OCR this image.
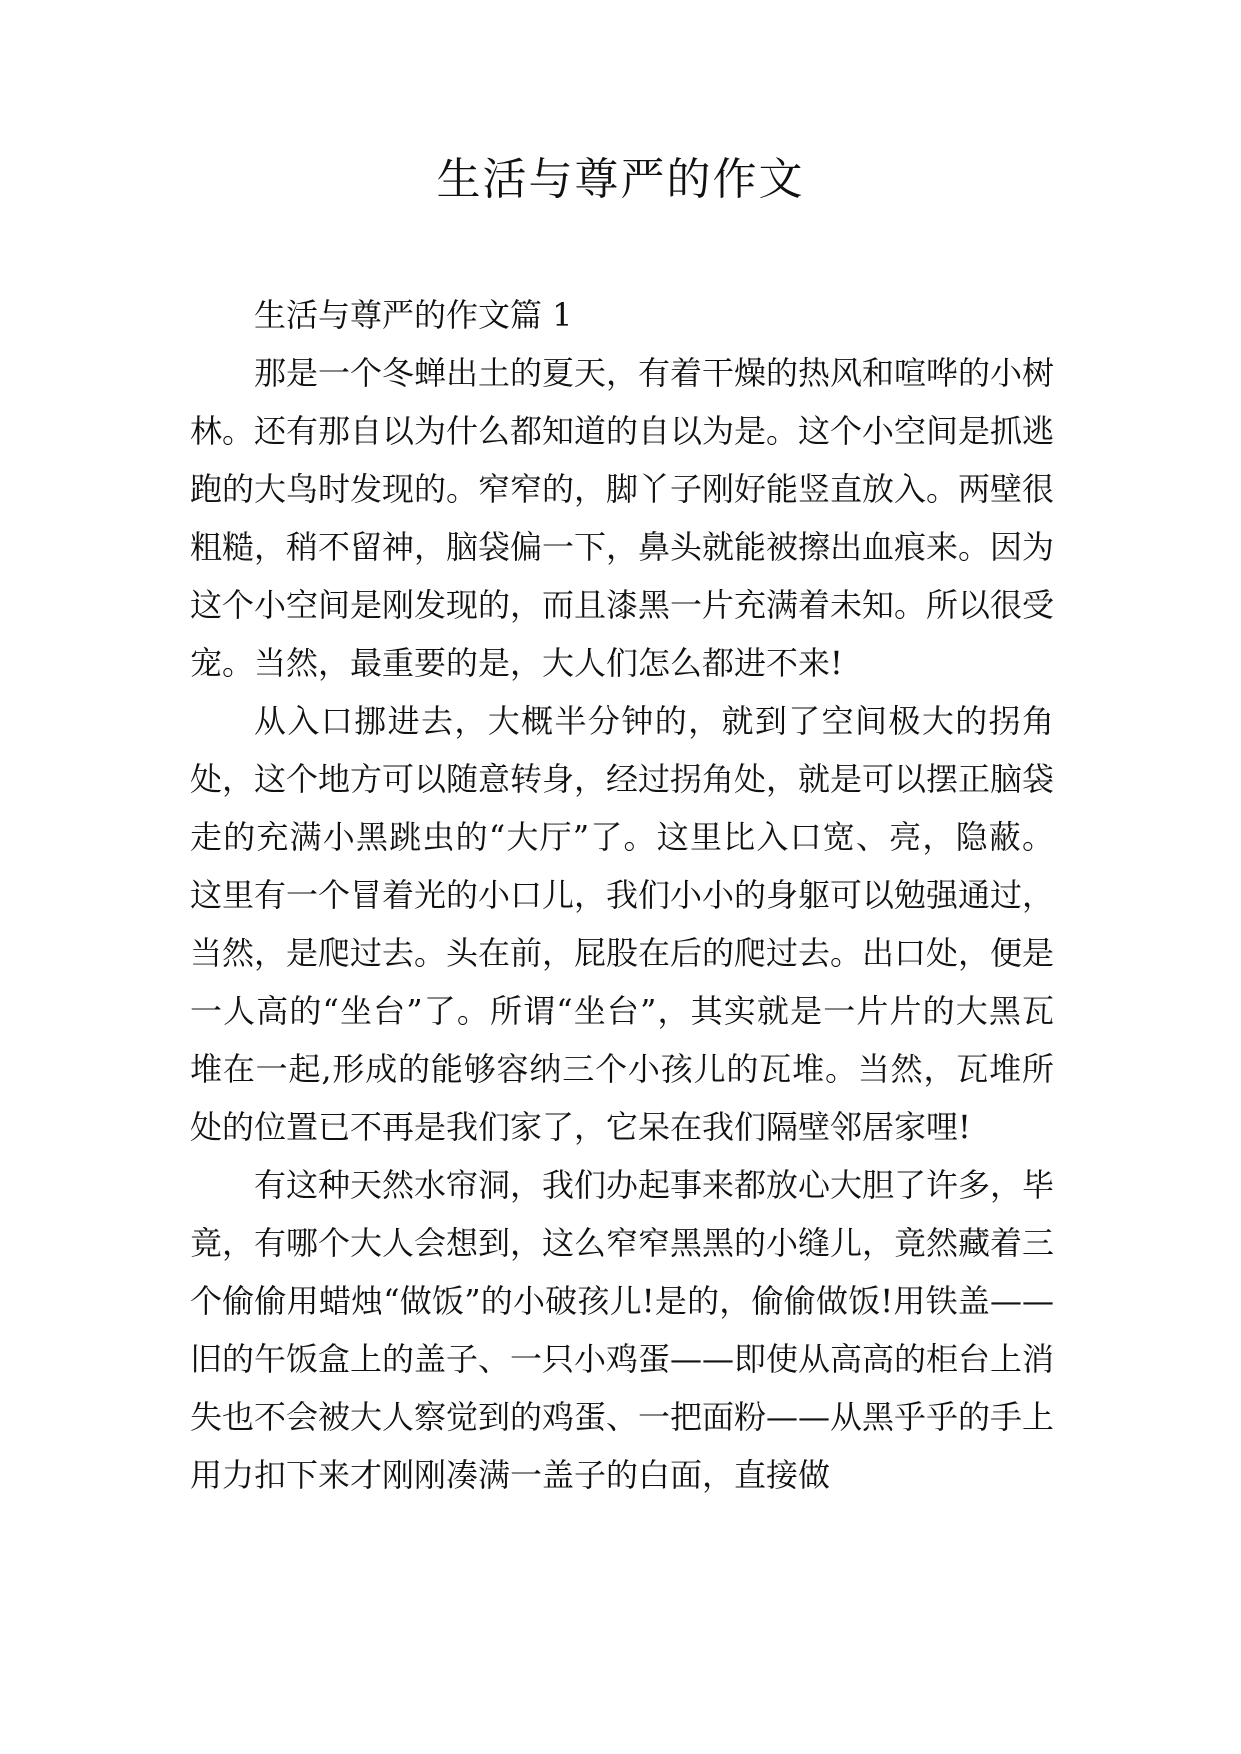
生活与尊严的作文

生活与尊严的作文篇 1

那是一个冬蝉出土的夏天，有着干燥的热风和喧哗的小树林。还有那自以为什么都知道的自以为是。这个小空间是抓逃跑的大鸟时发现的。窄窄的，脚丫子刚好能竖直放入。两壁很粗糙，稍不留神，脑袋偏一下，鼻头就能被擦出血痕来。因为这个小空间是刚发现的，而且漆黑一片充满着未知。所以很受宠。当然，最重要的是，大人们怎么都进不来!

从入口挪进去，大概半分钟的，就到了空间极大的拐角处，这个地方可以随意转身，经过拐角处，就是可以摆正脑袋走的充满小黑跳虫的“大厅”了。这里比入口宽、亮，隐蔽。这里有一个冒着光的小口儿，我们小小的身躯可以勉强通过，当然，是爬过去。头在前，屁股在后的爬过去。出口处，便是一人高的“坐台”了。所谓“坐台”，其实就是一片片的大黑瓦堆在一起,形成的能够容纳三个小孩儿的瓦堆。当然，瓦堆所处的位置已不再是我们家了，它呆在我们隔壁邻居家哩!

有这种天然水帘洞，我们办起事来都放心大胆了许多，毕竟，有哪个大人会想到，这么窄窄黑黑的小缝儿，竟然藏着三个偷偷用蜡烛“做饭”的小破孩儿!是的，偷偷做饭!用铁盖——旧的午饭盒上的盖子、一只小鸡蛋——即使从高高的柜台上消失也不会被大人察觉到的鸡蛋、一把面粉——从黑乎乎的手上用力扣下来才刚刚凑满一盖子的白面，直接做
